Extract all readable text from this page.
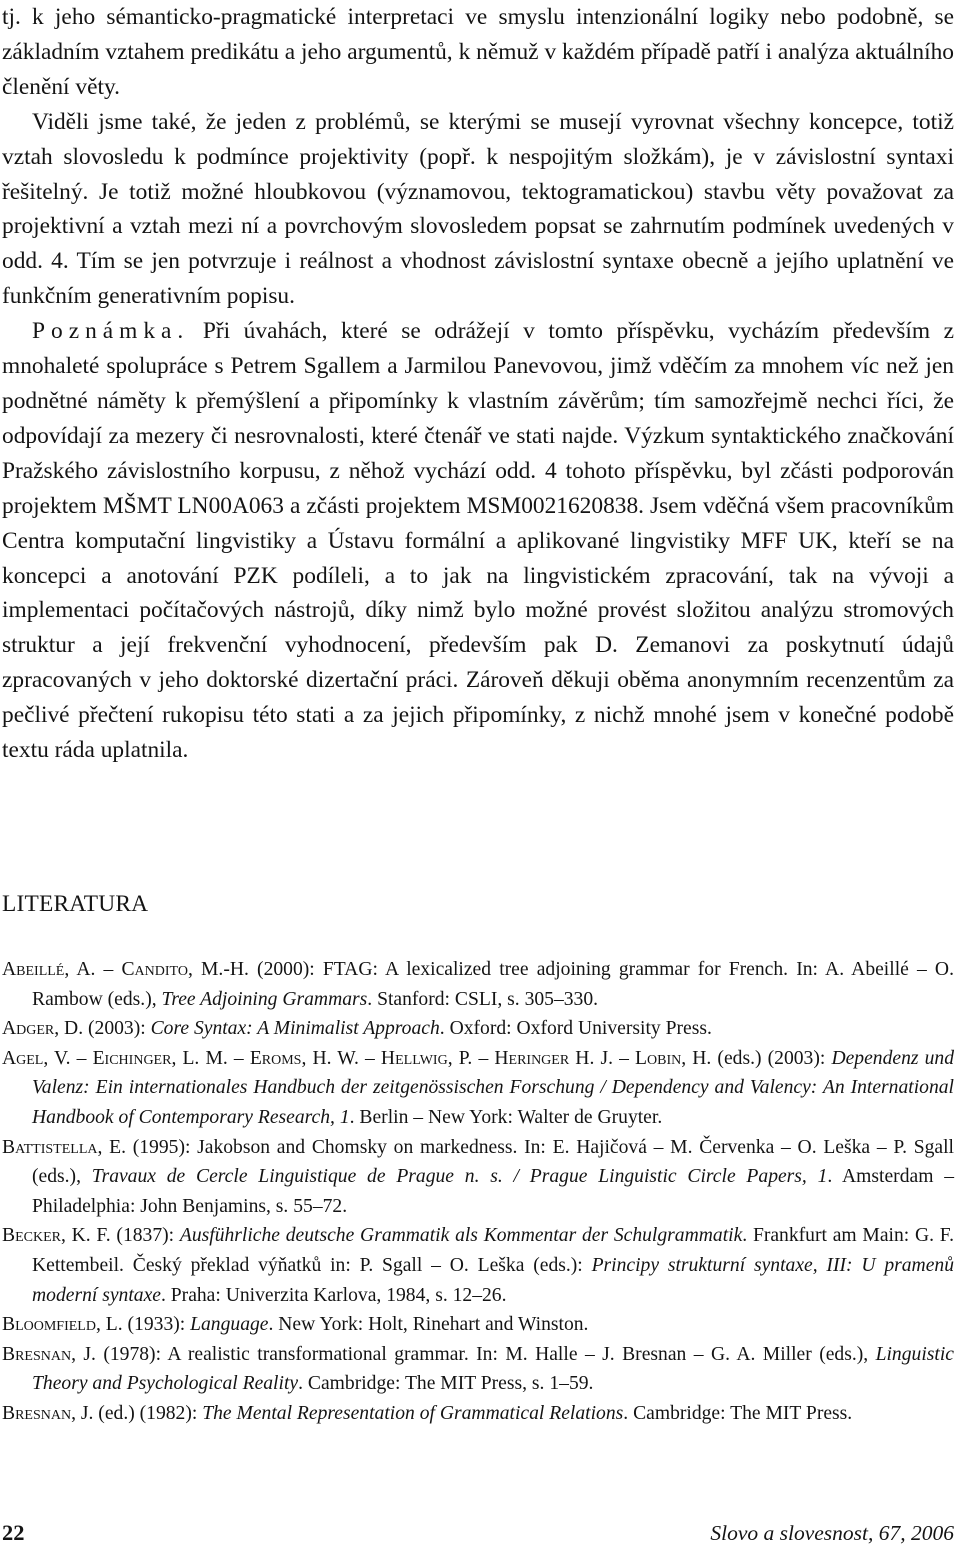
tj. k jeho sémanticko-pragmatické interpretaci ve smyslu intenzionální logiky nebo podobně, se základním vztahem predikátu a jeho argumentů, k němuž v každém případě patří i analýza aktuálního členění věty.

Viděli jsme také, že jeden z problémů, se kterými se musejí vyrovnat všechny koncepce, totiž vztah slovosledu k podmínce projektivity (popř. k nespojitým složkám), je v závislostní syntaxi řešitelný. Je totiž možné hloubkovou (významovou, tektogramatickou) stavbu věty považovat za projektivní a vztah mezi ní a povrchovým slovosledem popsat se zahrnutím podmínek uvedených v odd. 4. Tím se jen potvrzuje i reálnost a vhodnost závislostní syntaxe obecně a jejího uplatnění ve funkčním generativním popisu.

Poznámka. Při úvahách, které se odrážejí v tomto příspěvku, vycházím především z mnohaleté spolupráce s Petrem Sgallem a Jarmilou Panevovou, jimž vděčím za mnohem víc než jen podnětné náměty k přemýšlení a připomínky k vlastním závěrům; tím samozřejmě nechci říci, že odpovídají za mezery či nesrovnalosti, které čtenář ve stati najde. Výzkum syntaktického značkování Pražského závislostního korpusu, z něhož vychází odd. 4 tohoto příspěvku, byl zčásti podporován projektem MŠMT LN00A063 a zčásti projektem MSM0021620838. Jsem vděčná všem pracovníkům Centra komputační lingvistiky a Ústavu formální a aplikované lingvistiky MFF UK, kteří se na koncepci a anotování PZK podíleli, a to jak na lingvistickém zpracování, tak na vývoji a implementaci počítačových nástrojů, díky nimž bylo možné provést složitou analýzu stromových struktur a její frekvenční vyhodnocení, především pak D. Zemanovi za poskytnutí údajů zpracovaných v jeho doktorské dizertační práci. Zároveň děkuji oběma anonymním recenzentům za pečlivé přečtení rukopisu této stati a za jejich připomínky, z nichž mnohé jsem v konečné podobě textu ráda uplatnila.

LITERATURA
Abeillé, A. – Candito, M.-H. (2000): FTAG: A lexicalized tree adjoining grammar for French. In: A. Abeillé – O. Rambow (eds.), Tree Adjoining Grammars. Stanford: CSLI, s. 305–330.
Adger, D. (2003): Core Syntax: A Minimalist Approach. Oxford: Oxford University Press.
Agel, V. – Eichinger, L. M. – Eroms, H. W. – Hellwig, P. – Heringer H. J. – Lobin, H. (eds.) (2003): Dependenz und Valenz: Ein internationales Handbuch der zeitgenössischen Forschung / Dependency and Valency: An International Handbook of Contemporary Research, 1. Berlin – New York: Walter de Gruyter.
Battistella, E. (1995): Jakobson and Chomsky on markedness. In: E. Hajičová – M. Červenka – O. Leška – P. Sgall (eds.), Travaux de Cercle Linguistique de Prague n. s. / Prague Linguistic Circle Papers, 1. Amsterdam – Philadelphia: John Benjamins, s. 55–72.
Becker, K. F. (1837): Ausführliche deutsche Grammatik als Kommentar der Schulgrammatik. Frankfurt am Main: G. F. Kettembeil. Český překlad výňatků in: P. Sgall – O. Leška (eds.): Principy strukturní syntaxe, III: U pramenů moderní syntaxe. Praha: Univerzita Karlova, 1984, s. 12–26.
Bloomfield, L. (1933): Language. New York: Holt, Rinehart and Winston.
Bresnan, J. (1978): A realistic transformational grammar. In: M. Halle – J. Bresnan – G. A. Miller (eds.), Linguistic Theory and Psychological Reality. Cambridge: The MIT Press, s. 1–59.
Bresnan, J. (ed.) (1982): The Mental Representation of Grammatical Relations. Cambridge: The MIT Press.
22	Slovo a slovesnost, 67, 2006
